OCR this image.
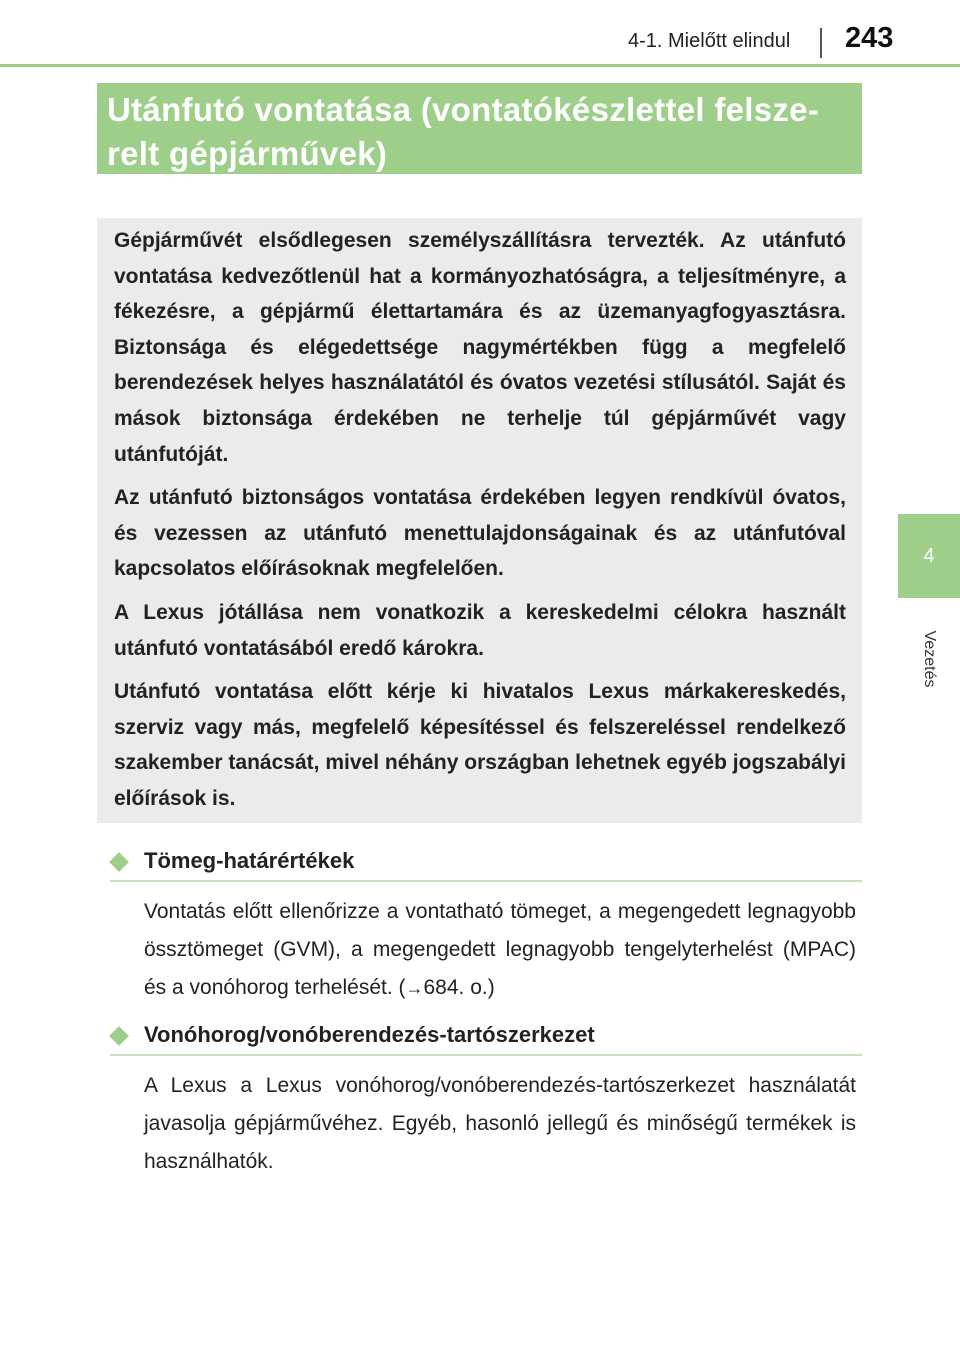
4-1. Mielőtt elindul 243
Utánfutó vontatása (vontatókészlettel felsze-
relt gépjárművek)

Gépjárművét elsődlegesen személyszállításra tervezték. Az utánfutó vontatása kedvezőtlenül hat a kormányozhatóságra, a teljesítményre, a fékezésre, a gépjármű élettartamára és az üzemanyagfogyasztásra. Biztonsága és elégedettsége nagymértékben függ a megfelelő berendezések helyes használatától és óvatos vezetési stílusától. Saját és mások biztonsága érdekében ne terhelje túl gépjárművét vagy utánfutóját.

Az utánfutó biztonságos vontatása érdekében legyen rendkívül óvatos, és vezessen az utánfutó menettulajdonságainak és az utánfutóval kapcsolatos előírásoknak megfelelően.

A Lexus jótállása nem vonatkozik a kereskedelmi célokra használt utánfutó vontatásából eredő károkra.

Utánfutó vontatása előtt kérje ki hivatalos Lexus márkakereskedés, szerviz vagy más, megfelelő képesítéssel és felszereléssel rendelkező szakember tanácsát, mivel néhány országban lehetnek egyéb jogszabályi előírások is.

4
Vezetés
Tömeg-határértékek

Vontatás előtt ellenőrizze a vontatható tömeget, a megengedett legnagyobb össztömeget (GVM), a megengedett legnagyobb tengelyterhelést (MPAC) és a vonóhorog terhelését. (→684. o.)

Vonóhorog/vonóberendezés-tartószerkezet

A Lexus a Lexus vonóhorog/vonóberendezés-tartószerkezet használatát javasolja gépjárművéhez. Egyéb, hasonló jellegű és minőségű termékek is használhatók.
